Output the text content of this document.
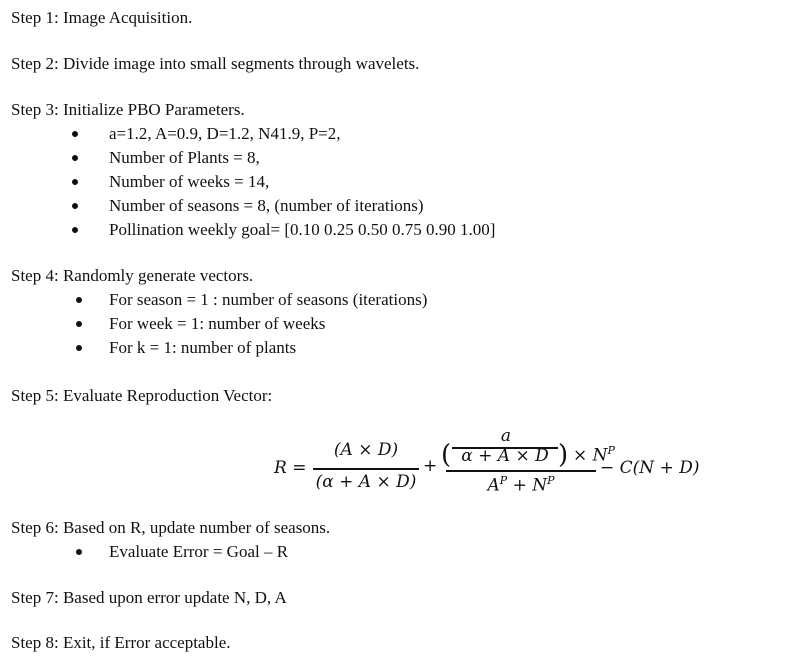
Step 1: Image Acquisition.
Step 2: Divide image into small segments through wavelets.
Step 3: Initialize PBO Parameters.
a=1.2, A=0.9, D=1.2, N41.9, P=2,
Number of Plants = 8,
Number of weeks = 14,
Number of seasons = 8, (number of iterations)
Pollination weekly goal= [0.10 0.25 0.50 0.75 0.90 1.00]
Step 4: Randomly generate vectors.
For season = 1 : number of seasons (iterations)
For week = 1: number of weeks
For k = 1: number of plants
Step 5: Evaluate Reproduction Vector:
R =
(A × D)
(α + A × D)
+
a
( α + A × D ) × $N^P$
$A^P + N^P$
− C(N + D)
Step 6: Based on R, update number of seasons.
Evaluate Error = Goal – R
Step 7: Based upon error update N, D, A
Step 8: Exit, if Error acceptable.
